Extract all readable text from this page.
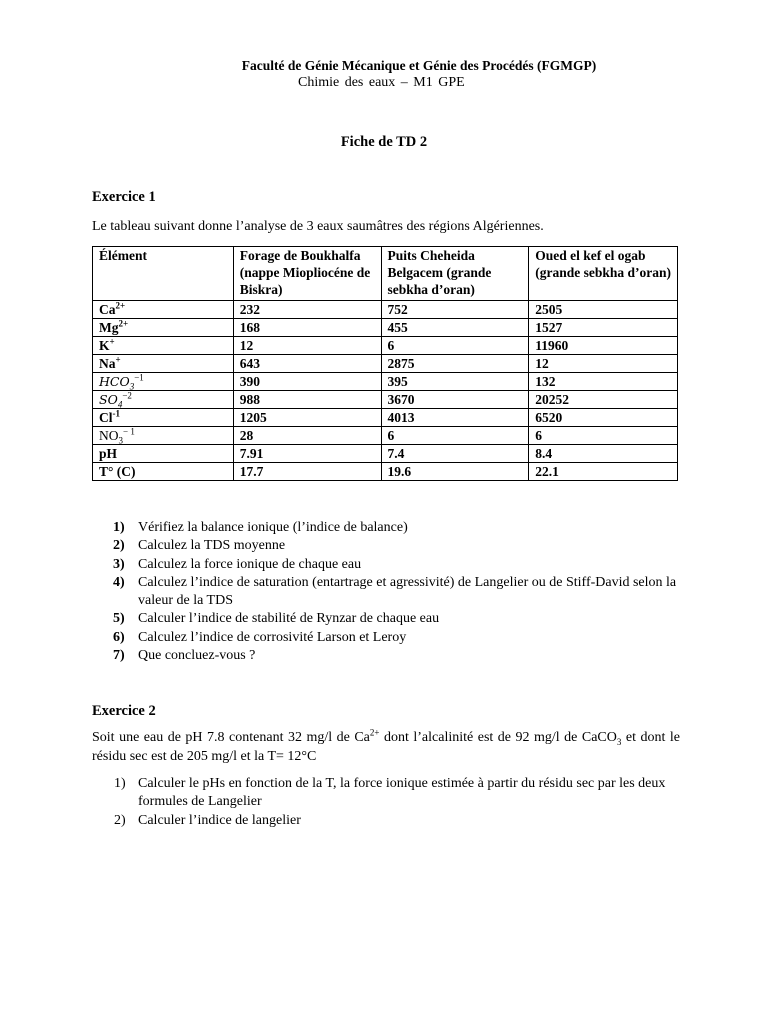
Faculté de Génie Mécanique et Génie des Procédés (FGMGP)
Chimie des eaux – M1 GPE
Fiche de TD 2
Exercice 1
Le tableau suivant donne l’analyse de 3 eaux saumâtres des régions Algériennes.
Élément	Forage de Boukhalfa (nappe Miopliocéne de Biskra)	Puits Cheheida Belgacem (grande sebkha d’oran)	Oued el kef el ogab (grande sebkha d’oran)
$Ca^{2+}$	232	752	2505
$Mg^{2+}$	168	455	1527
K+	12	6	11960
Na+	643	2875	12
$HCO_3^{-1}$	390	395	132
$SO_4^{-2}$	988	3670	20252
$Cl^{-1}$	1205	4013	6520
$NO_3^{- 1}$	28	6	6
pH	7.91	7.4	8.4
T° (C)	17.7	19.6	22.1
1) Vérifiez la balance ionique (l’indice de balance)
2) Calculez la TDS moyenne
3) Calculez la force ionique de chaque eau
4) Calculez l’indice de saturation (entartrage et agressivité) de Langelier ou de Stiff-David selon la valeur de la TDS
5) Calculer l’indice de stabilité de Rynzar de chaque eau
6) Calculez l’indice de corrosivité Larson et Leroy
7) Que concluez-vous ?
Exercice 2
Soit une eau de pH 7.8 contenant 32 mg/l de $Ca^{2+}$ dont l’alcalinité est de 92 mg/l de CaCO$_3$ et dont le résidu sec est de 205 mg/l et la T= 12°C
1) Calculer le pHs en fonction de la T, la force ionique estimée à partir du résidu sec par les deux formules de Langelier
2) Calculer l’indice de langelier
